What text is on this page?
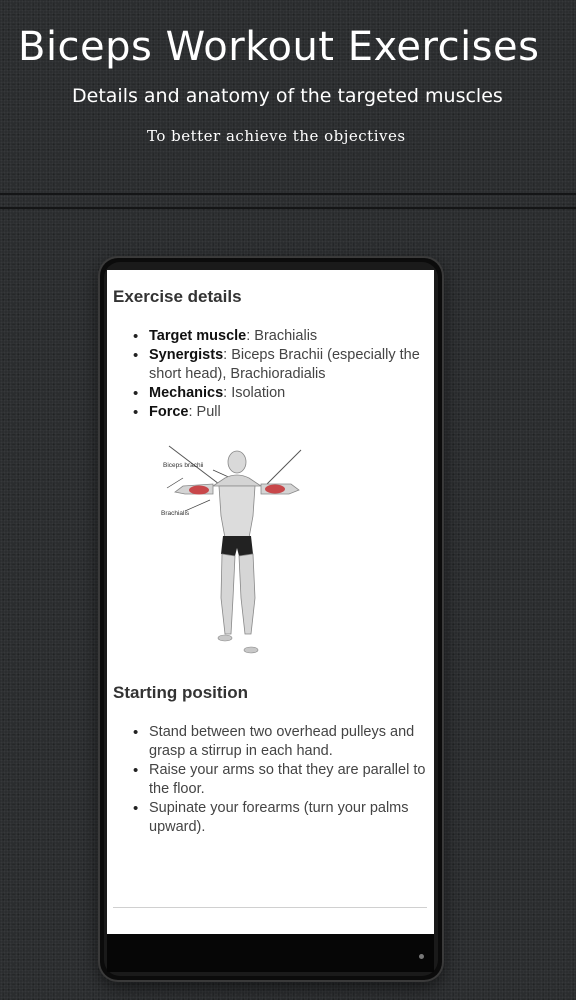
Biceps Workout Exercises
Details and anatomy of the targeted muscles
To better achieve the objectives
Exercise details
• Target muscle: Brachialis
• Synergists: Biceps Brachii (especially the short head), Brachioradialis
• Mechanics: Isolation
• Force: Pull
Biceps brachii
Brachialis
Starting position
• Stand between two overhead pulleys and grasp a stirrup in each hand.
• Raise your arms so that they are parallel to the floor.
• Supinate your forearms (turn your palms upward).
